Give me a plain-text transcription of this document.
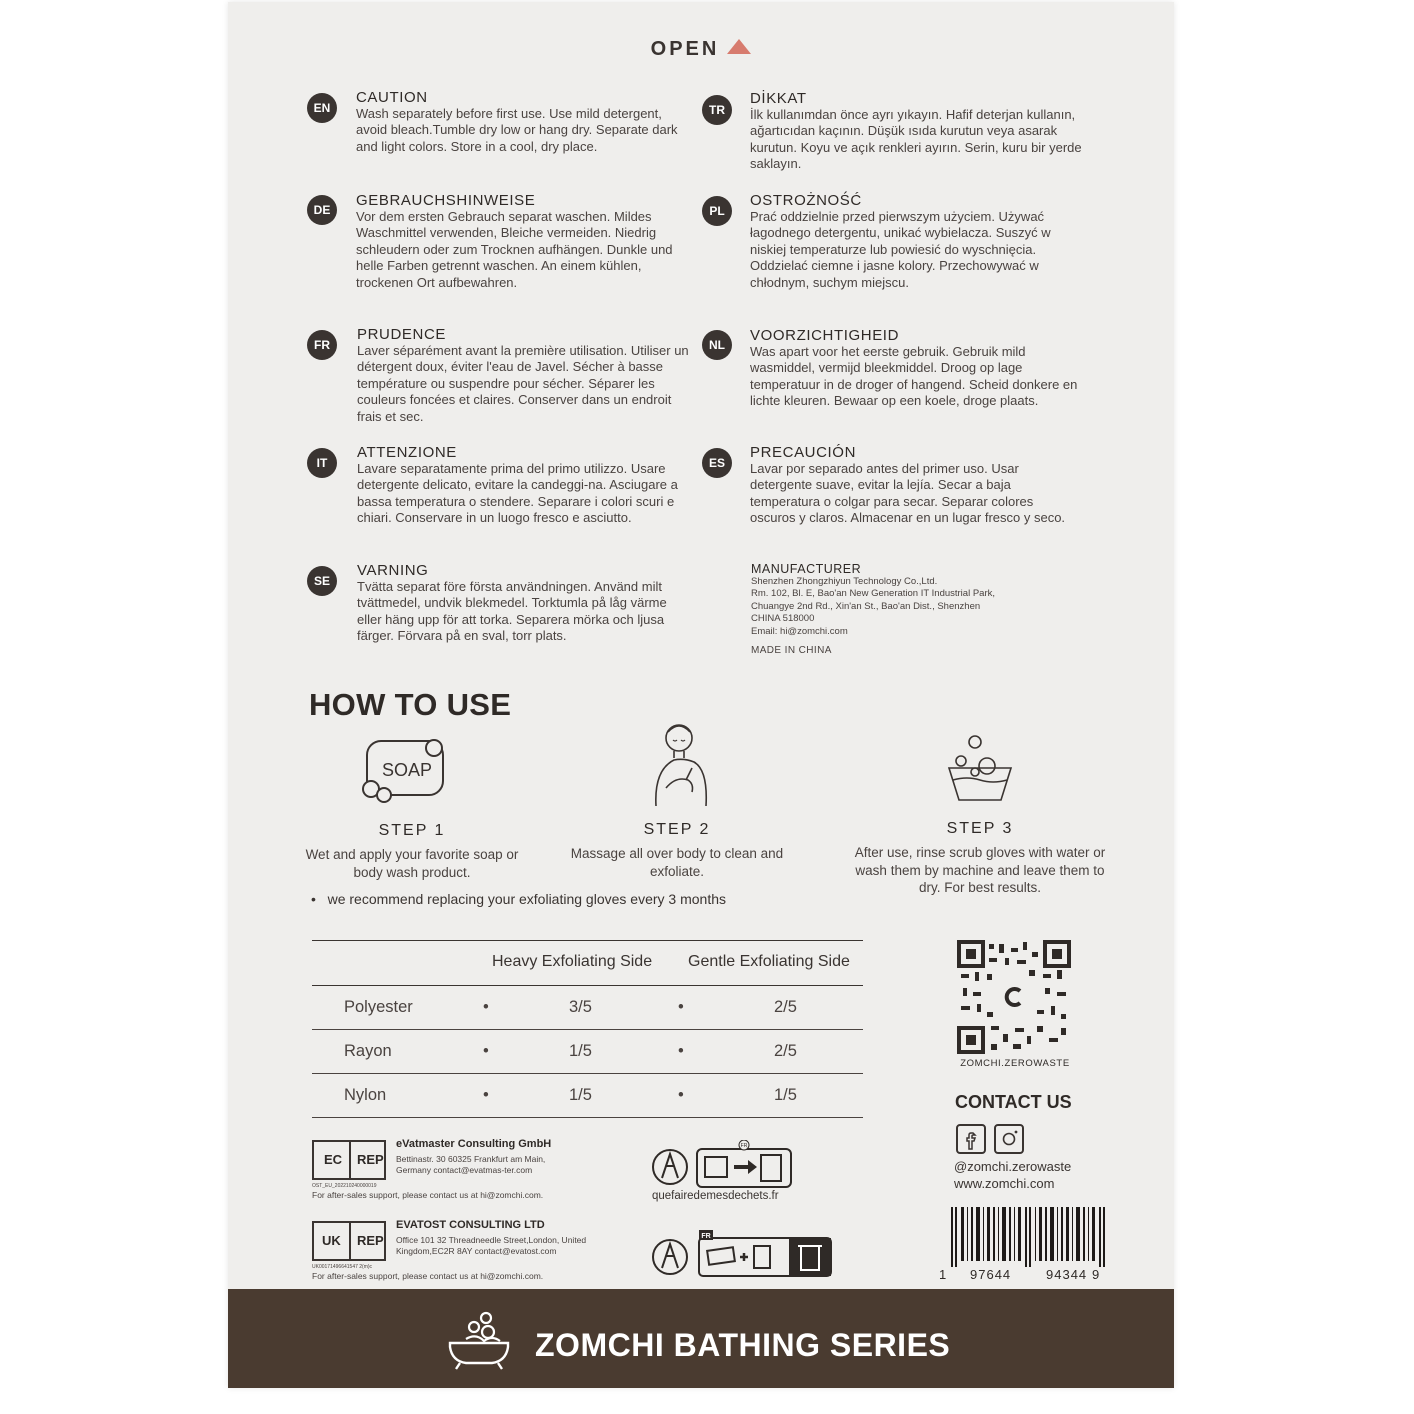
OPEN
EN
CAUTION

Wash separately before first use. Use mild detergent, avoid bleach.Tumble dry low or hang dry. Separate dark and light colors. Store in a cool, dry place.

DE
GEBRAUCHSHINWEISE

Vor dem ersten Gebrauch separat waschen. Mildes Waschmittel verwenden, Bleiche vermeiden. Niedrig schleudern oder zum Trocknen aufhängen. Dunkle und helle Farben getrennt waschen. An einem kühlen, trockenen Ort aufbewahren.

FR
PRUDENCE

Laver séparément avant la première utilisation. Utiliser un détergent doux, éviter l'eau de Javel. Sécher à basse température ou suspendre pour sécher. Séparer les couleurs foncées et claires. Conserver dans un endroit frais et sec.

IT
ATTENZIONE

Lavare separatamente prima del primo utilizzo. Usare detergente delicato, evitare la candeggi-na. Asciugare a bassa temperatura o stendere. Separare i colori scuri e chiari. Conservare in un luogo fresco e asciutto.

SE
VARNING

Tvätta separat före första användningen. Använd milt tvättmedel, undvik blekmedel. Torktumla på låg värme eller häng upp för att torka. Separera mörka och ljusa färger. Förvara på en sval, torr plats.

TR
DİKKAT

İlk kullanımdan önce ayrı yıkayın. Hafif deterjan kullanın, ağartıcıdan kaçının. Düşük ısıda kurutun veya asarak kurutun. Koyu ve açık renkleri ayırın. Serin, kuru bir yerde saklayın.

PL
OSTROŻNOŚĆ

Prać oddzielnie przed pierwszym użyciem. Używać łagodnego detergentu, unikać wybielacza. Suszyć w niskiej temperaturze lub powiesić do wyschnięcia. Oddzielać ciemne i jasne kolory. Przechowywać w chłodnym, suchym miejscu.

NL
VOORZICHTIGHEID

Was apart voor het eerste gebruik. Gebruik mild wasmiddel, vermijd bleekmiddel. Droog op lage temperatuur in de droger of hangend. Scheid donkere en lichte kleuren. Bewaar op een koele, droge plaats.

ES
PRECAUCIÓN

Lavar por separado antes del primer uso. Usar detergente suave, evitar la lejía. Secar a baja temperatura o colgar para secar. Separar colores oscuros y claros. Almacenar en un lugar fresco y seco.

MANUFACTURER

Shenzhen Zhongzhiyun Technology Co.,Ltd.

Rm. 102, Bl. E, Bao'an New Generation IT Industrial Park,

Chuangye 2nd Rd., Xin'an St., Bao'an Dist., Shenzhen

CHINA 518000

Email: hi@zomchi.com

MADE IN CHINA

HOW TO USE
SOAP
STEP 1
Wet and apply your favorite soap or body wash product.
STEP 2
Massage all over body to clean and exfoliate.
STEP 3
After use, rinse scrub gloves with water or wash them by machine and leave them to dry. For best results.
• we recommend replacing your exfoliating gloves every 3 months
Heavy Exfoliating Side Gentle Exfoliating Side
Polyester	•	3/5	•	2/5
Rayon	•	1/5	•	2/5
Nylon	•	1/5	•	1/5
ZOMCHI.ZEROWASTE
CONTACT US
@zomchi.zerowaste
www.zomchi.com
EC REP
eVatmaster Consulting GmbH
Bettinastr. 30 60325 Frankfurt am Main, Germany contact@evatmas-ter.com
OST_EU_202210240000019
For after-sales support, please contact us at hi@zomchi.com.
UK REP
EVATOST CONSULTING LTD
Office 101 32 Threadneedle Street,London, United Kingdom,EC2R 8AY contact@evatost.com
UK00171496641547 2(m)c
For after-sales support, please contact us at hi@zomchi.com.
FR
quefairedemesdechets.fr
FR
1 97644	94344 9
ZOMCHI BATHING SERIES
